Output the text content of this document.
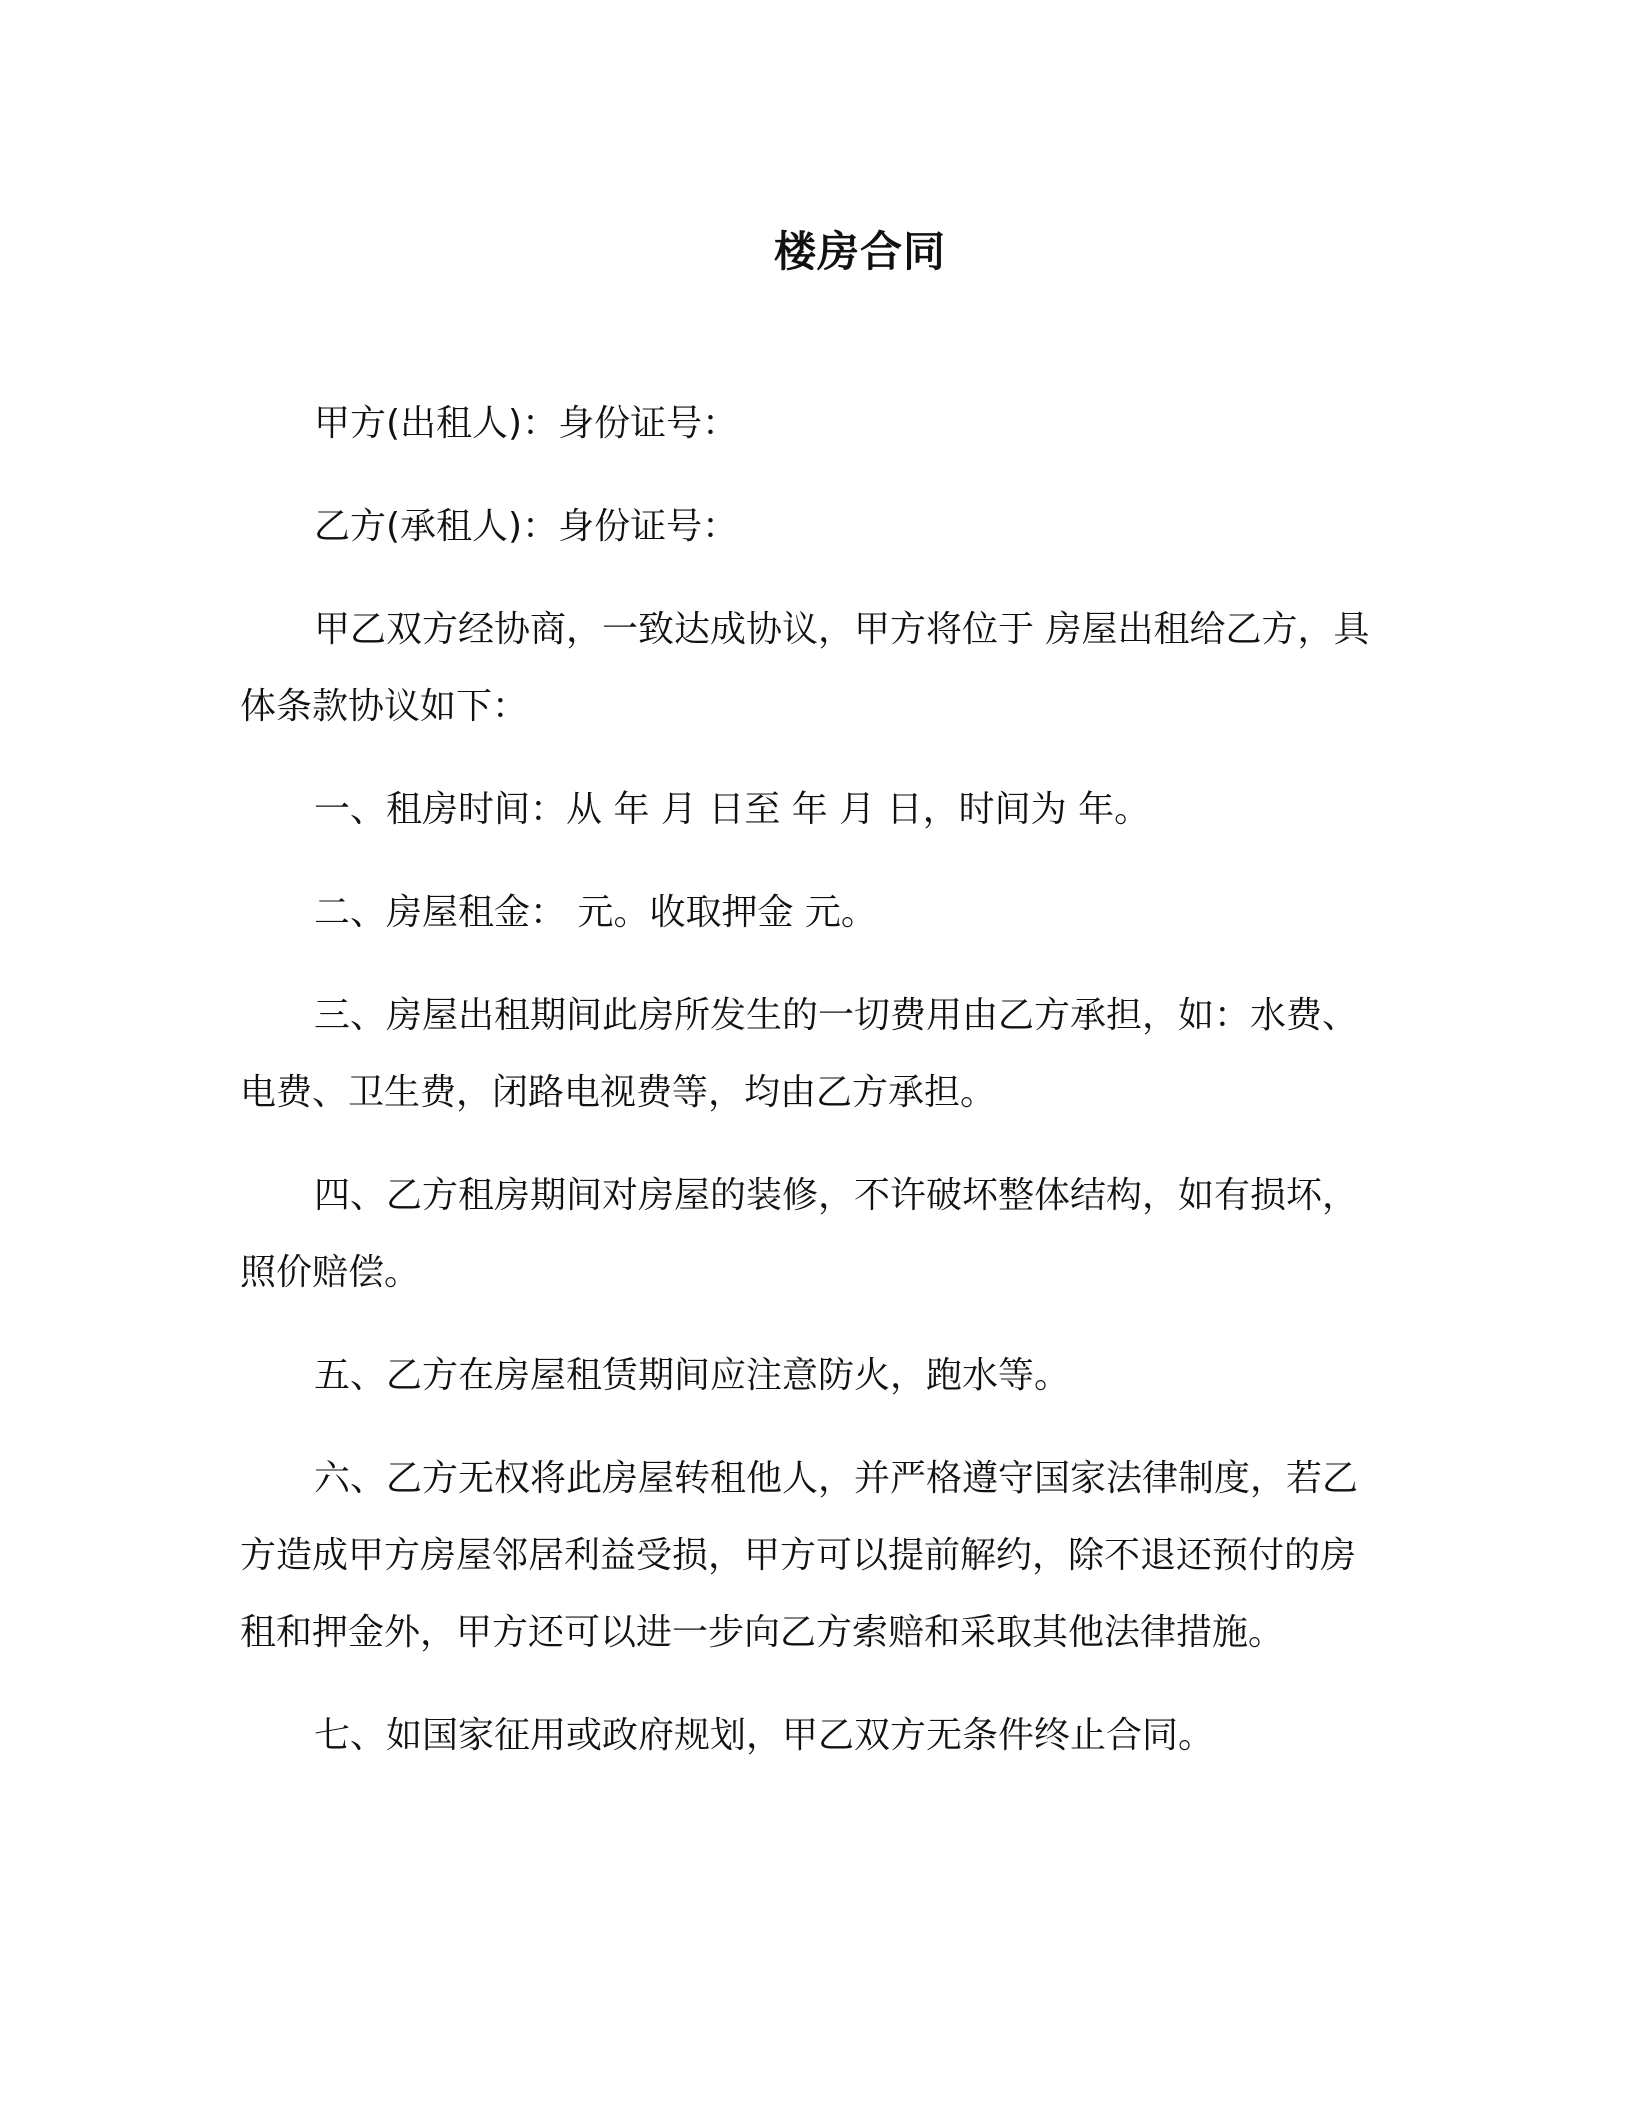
楼房合同

甲方(出租人)：身份证号：

乙方(承租人)：身份证号：

甲乙双方经协商，一致达成协议，甲方将位于 房屋出租给乙方，具体条款协议如下：

一、租房时间：从 年 月 日至 年 月 日，时间为 年。

二、房屋租金： 元。收取押金 元。

三、房屋出租期间此房所发生的一切费用由乙方承担，如：水费、电费、卫生费，闭路电视费等，均由乙方承担。

四、乙方租房期间对房屋的装修，不许破坏整体结构，如有损坏，照价赔偿。

五、乙方在房屋租赁期间应注意防火，跑水等。

六、乙方无权将此房屋转租他人，并严格遵守国家法律制度，若乙方造成甲方房屋邻居利益受损，甲方可以提前解约，除不退还预付的房租和押金外，甲方还可以进一步向乙方索赔和采取其他法律措施。

七、如国家征用或政府规划，甲乙双方无条件终止合同。
